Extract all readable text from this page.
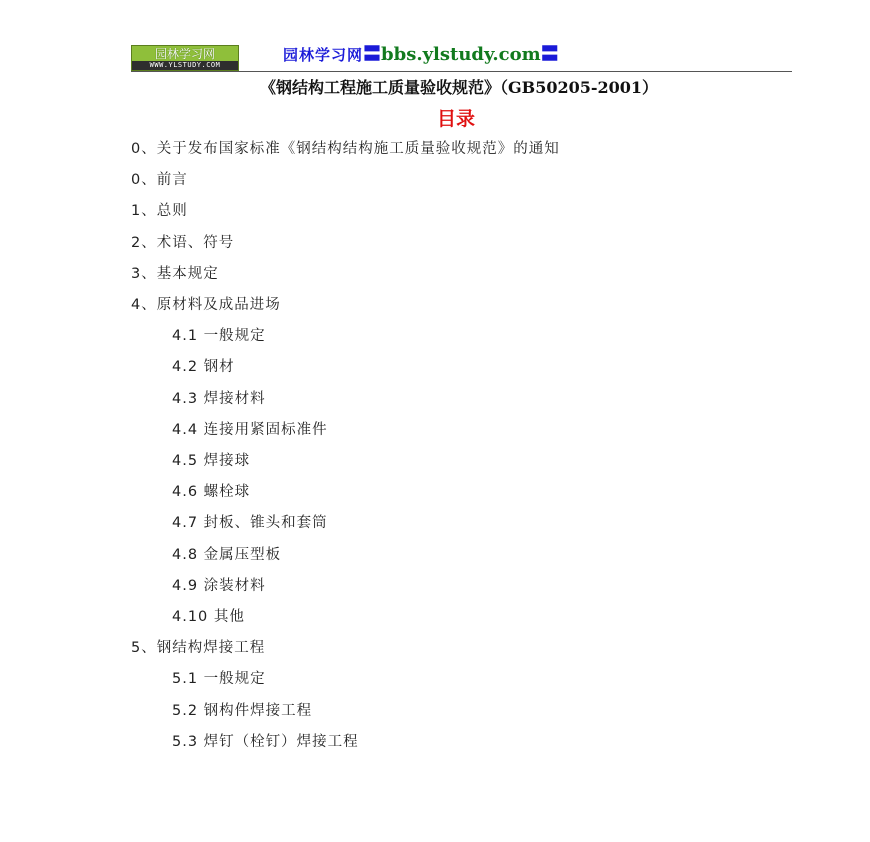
园林学习网
WWW.YLSTUDY.COM
园林学习网〓bbs.ylstudy.com〓
《钢结构工程施工质量验收规范》（GB50205-2001）
目录
0、关于发布国家标准《钢结构结构施工质量验收规范》的通知
0、前言
1、总则
2、术语、符号
3、基本规定
4、原材料及成品进场
4.1 一般规定
4.2 钢材
4.3 焊接材料
4.4 连接用紧固标准件
4.5 焊接球
4.6 螺栓球
4.7 封板、锥头和套筒
4.8 金属压型板
4.9 涂装材料
4.10 其他
5、钢结构焊接工程
5.1 一般规定
5.2 钢构件焊接工程
5.3 焊钉（栓钉）焊接工程
